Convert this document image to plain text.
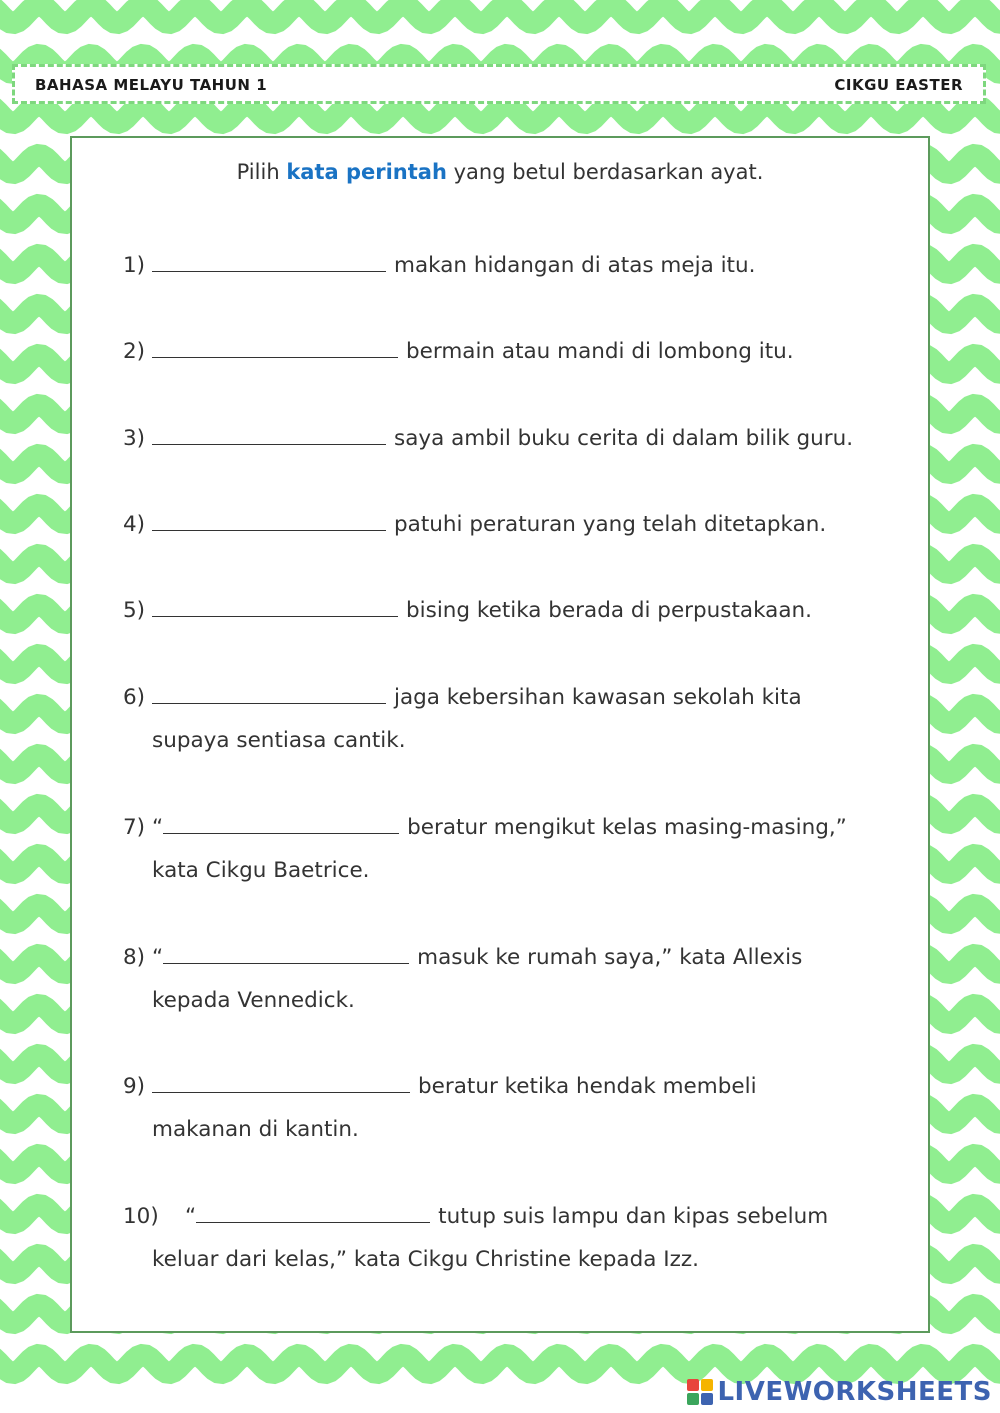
BAHASA MELAYU TAHUN 1	CIKGU EASTER
Pilih kata perintah yang betul berdasarkan ayat.
1)	makan hidangan di atas meja itu.
2)	bermain atau mandi di lombong itu.
3)	saya ambil buku cerita di dalam bilik guru.
4)	patuhi peraturan yang telah ditetapkan.
5)	bising ketika berada di perpustakaan.
6)	jaga kebersihan kawasan sekolah kita
supaya sentiasa cantik.
7) “	beratur mengikut kelas masing-masing,”
kata Cikgu Baetrice.
8) “	masuk ke rumah saya,” kata Allexis
kepada Vennedick.
9)	beratur ketika hendak membeli
makanan di kantin.
10) “	tutup suis lampu dan kipas sebelum
keluar dari kelas,” kata Cikgu Christine kepada Izz.
LIVEWORKSHEETS
